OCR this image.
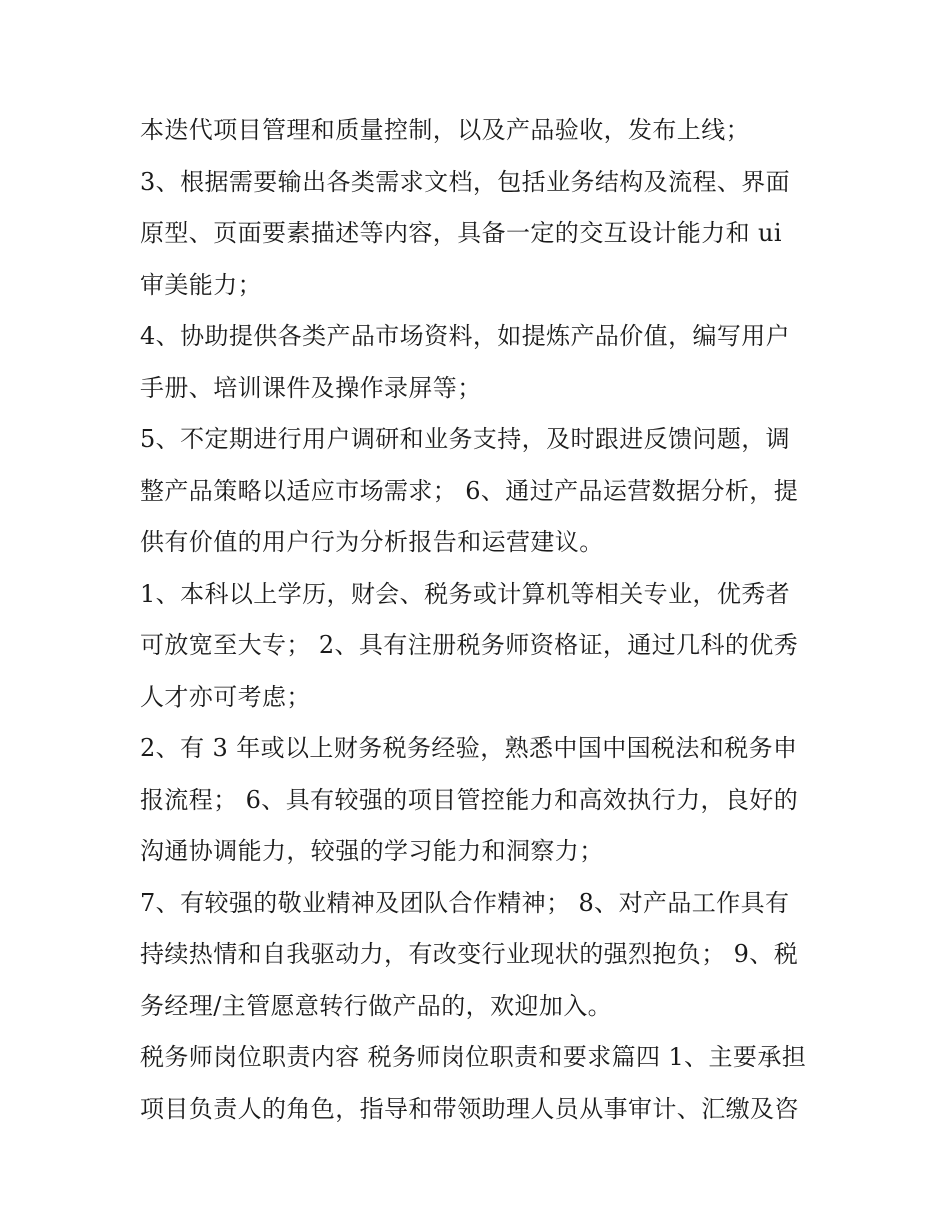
本迭代项目管理和质量控制，以及产品验收，发布上线；
3、根据需要输出各类需求文档，包括业务结构及流程、界面
原型、页面要素描述等内容，具备一定的交互设计能力和 ui
审美能力；
4、协助提供各类产品市场资料，如提炼产品价值，编写用户
手册、培训课件及操作录屏等；
5、不定期进行用户调研和业务支持，及时跟进反馈问题，调
整产品策略以适应市场需求； 6、通过产品运营数据分析，提
供有价值的用户行为分析报告和运营建议。
1、本科以上学历，财会、税务或计算机等相关专业，优秀者
可放宽至大专； 2、具有注册税务师资格证，通过几科的优秀
人才亦可考虑；
2、有 3 年或以上财务税务经验，熟悉中国中国税法和税务申
报流程； 6、具有较强的项目管控能力和高效执行力，良好的
沟通协调能力，较强的学习能力和洞察力；
7、有较强的敬业精神及团队合作精神； 8、对产品工作具有
持续热情和自我驱动力，有改变行业现状的强烈抱负； 9、税
务经理/主管愿意转行做产品的，欢迎加入。
税务师岗位职责内容 税务师岗位职责和要求篇四 1、主要承担
项目负责人的角色，指导和带领助理人员从事审计、汇缴及咨
